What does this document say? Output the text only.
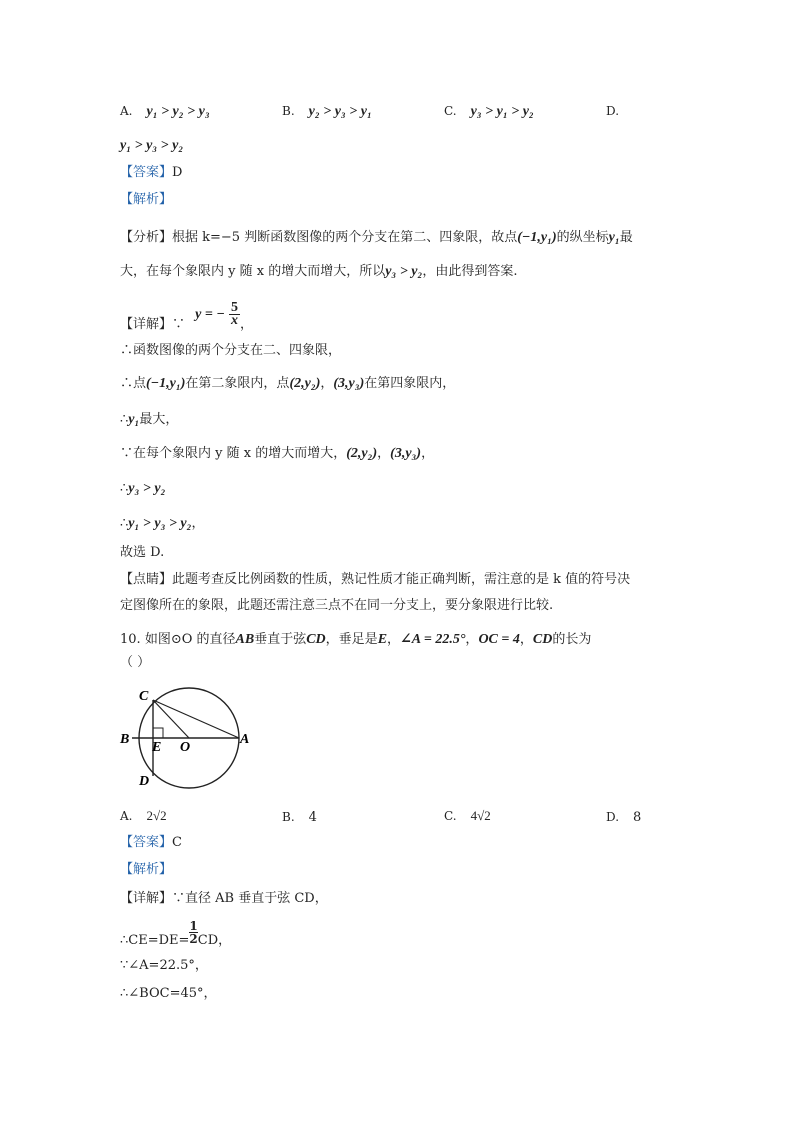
A. y₁ > y₂ > y₃	B. y₂ > y₃ > y₁	C. y₃ > y₁ > y₂	D.
y₁ > y₃ > y₂
【答案】D
【解析】
【分析】根据 k=−5 判断函数图像的两个分支在第二、四象限，故点(−1,y₁)的纵坐标y₁最
大，在每个象限内 y 随 x 的增大而增大，所以y₃ > y₂，由此得到答案.
【详解】∵ y = − $\frac{5}{x}$ ，
∴函数图像的两个分支在二、四象限，
∴点(−1,y₁)在第二象限内，点(2,y₂)，(3,y₃)在第四象限内，
∴y₁最大，
∵在每个象限内 y 随 x 的增大而增大，(2,y₂)，(3,y₃)，
∴y₃ > y₂
∴y₁ > y₃ > y₂，
故选 D.
【点睛】此题考查反比例函数的性质，熟记性质才能正确判断，需注意的是 k 值的符号决
定图像所在的象限，此题还需注意三点不在同一分支上，要分象限进行比较.
10. 如图⊙O 的直径AB垂直于弦CD，垂足是E，∠A = 22.5°，OC = 4，CD的长为
（ ）
C
B
E O
A
D
A. 2√2	B. 4	C. 4√2	D. 8
【答案】C
【解析】
【详解】∵直径 AB 垂直于弦 CD，
∴CE=DE= $\frac{1}{2}$ CD，
∵∠A=22.5°，
∴∠BOC=45°，
